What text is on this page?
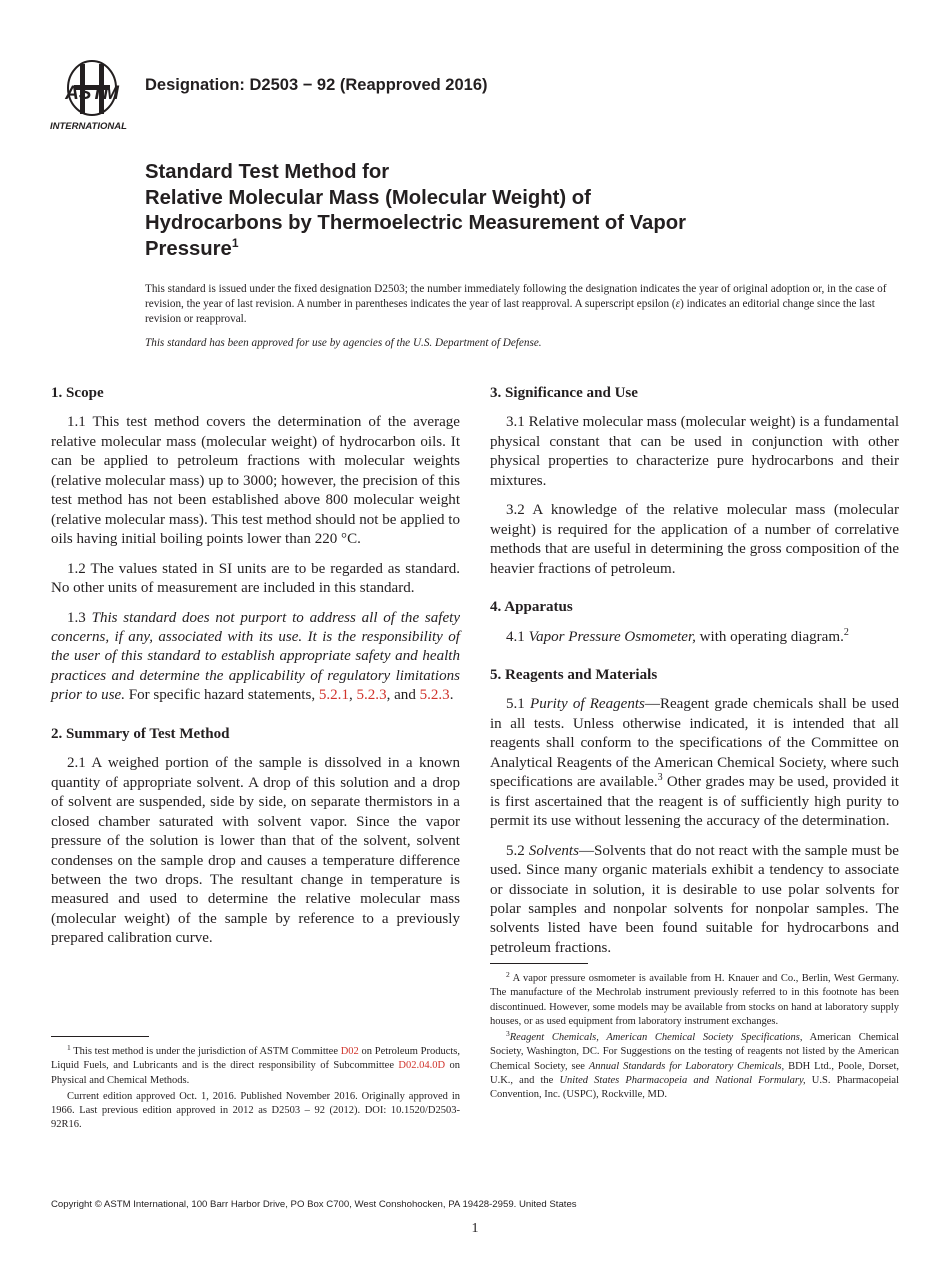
ASTM
INTERNATIONAL
Designation: D2503 − 92 (Reapproved 2016)
Standard Test Method for
Relative Molecular Mass (Molecular Weight) of
Hydrocarbons by Thermoelectric Measurement of Vapor
Pressure$^1$

This standard is issued under the fixed designation D2503; the number immediately following the designation indicates the year of original adoption or, in the case of revision, the year of last revision. A number in parentheses indicates the year of last reapproval. A superscript epsilon (ε) indicates an editorial change since the last revision or reapproval.

This standard has been approved for use by agencies of the U.S. Department of Defense.
1. Scope

1.1 This test method covers the determination of the average relative molecular mass (molecular weight) of hydrocarbon oils. It can be applied to petroleum fractions with molecular weights (relative molecular mass) up to 3000; however, the precision of this test method has not been established above 800 molecular weight (relative molecular mass). This test method should not be applied to oils having initial boiling points lower than 220 °C.

1.2 The values stated in SI units are to be regarded as standard. No other units of measurement are included in this standard.

1.3 This standard does not purport to address all of the safety concerns, if any, associated with its use. It is the responsibility of the user of this standard to establish appropriate safety and health practices and determine the applicability of regulatory limitations prior to use. For specific hazard statements, 5.2.1, 5.2.3, and 5.2.3.

2. Summary of Test Method

2.1 A weighed portion of the sample is dissolved in a known quantity of appropriate solvent. A drop of this solution and a drop of solvent are suspended, side by side, on separate thermistors in a closed chamber saturated with solvent vapor. Since the vapor pressure of the solution is lower than that of the solvent, solvent condenses on the sample drop and causes a temperature difference between the two drops. The resultant change in temperature is measured and used to determine the relative molecular mass (molecular weight) of the sample by reference to a previously prepared calibration curve.

3. Significance and Use

3.1 Relative molecular mass (molecular weight) is a fundamental physical constant that can be used in conjunction with other physical properties to characterize pure hydrocarbons and their mixtures.

3.2 A knowledge of the relative molecular mass (molecular weight) is required for the application of a number of correlative methods that are useful in determining the gross composition of the heavier fractions of petroleum.

4. Apparatus

4.1 Vapor Pressure Osmometer, with operating diagram.$^2$

5. Reagents and Materials

5.1 Purity of Reagents—Reagent grade chemicals shall be used in all tests. Unless otherwise indicated, it is intended that all reagents shall conform to the specifications of the Committee on Analytical Reagents of the American Chemical Society, where such specifications are available.$^3$ Other grades may be used, provided it is first ascertained that the reagent is of sufficiently high purity to permit its use without lessening the accuracy of the determination.

5.2 Solvents—Solvents that do not react with the sample must be used. Since many organic materials exhibit a tendency to associate or dissociate in solution, it is desirable to use polar solvents for polar samples and nonpolar solvents for nonpolar samples. The solvents listed have been found suitable for hydrocarbons and petroleum fractions.

$^1$ This test method is under the jurisdiction of ASTM Committee D02 on Petroleum Products, Liquid Fuels, and Lubricants and is the direct responsibility of Subcommittee D02.04.0D on Physical and Chemical Methods.

Current edition approved Oct. 1, 2016. Published November 2016. Originally approved in 1966. Last previous edition approved in 2012 as D2503 – 92 (2012). DOI: 10.1520/D2503-92R16.

$^2$ A vapor pressure osmometer is available from H. Knauer and Co., Berlin, West Germany. The manufacture of the Mechrolab instrument previously referred to in this footnote has been discontinued. However, some models may be available from stocks on hand at laboratory supply houses, or as used equipment from laboratory instrument exchanges.

$^3$Reagent Chemicals, American Chemical Society Specifications, American Chemical Society, Washington, DC. For Suggestions on the testing of reagents not listed by the American Chemical Society, see Annual Standards for Laboratory Chemicals, BDH Ltd., Poole, Dorset, U.K., and the United States Pharmacopeia and National Formulary, U.S. Pharmacopeial Convention, Inc. (USPC), Rockville, MD.

Copyright © ASTM International, 100 Barr Harbor Drive, PO Box C700, West Conshohocken, PA 19428-2959. United States
1
